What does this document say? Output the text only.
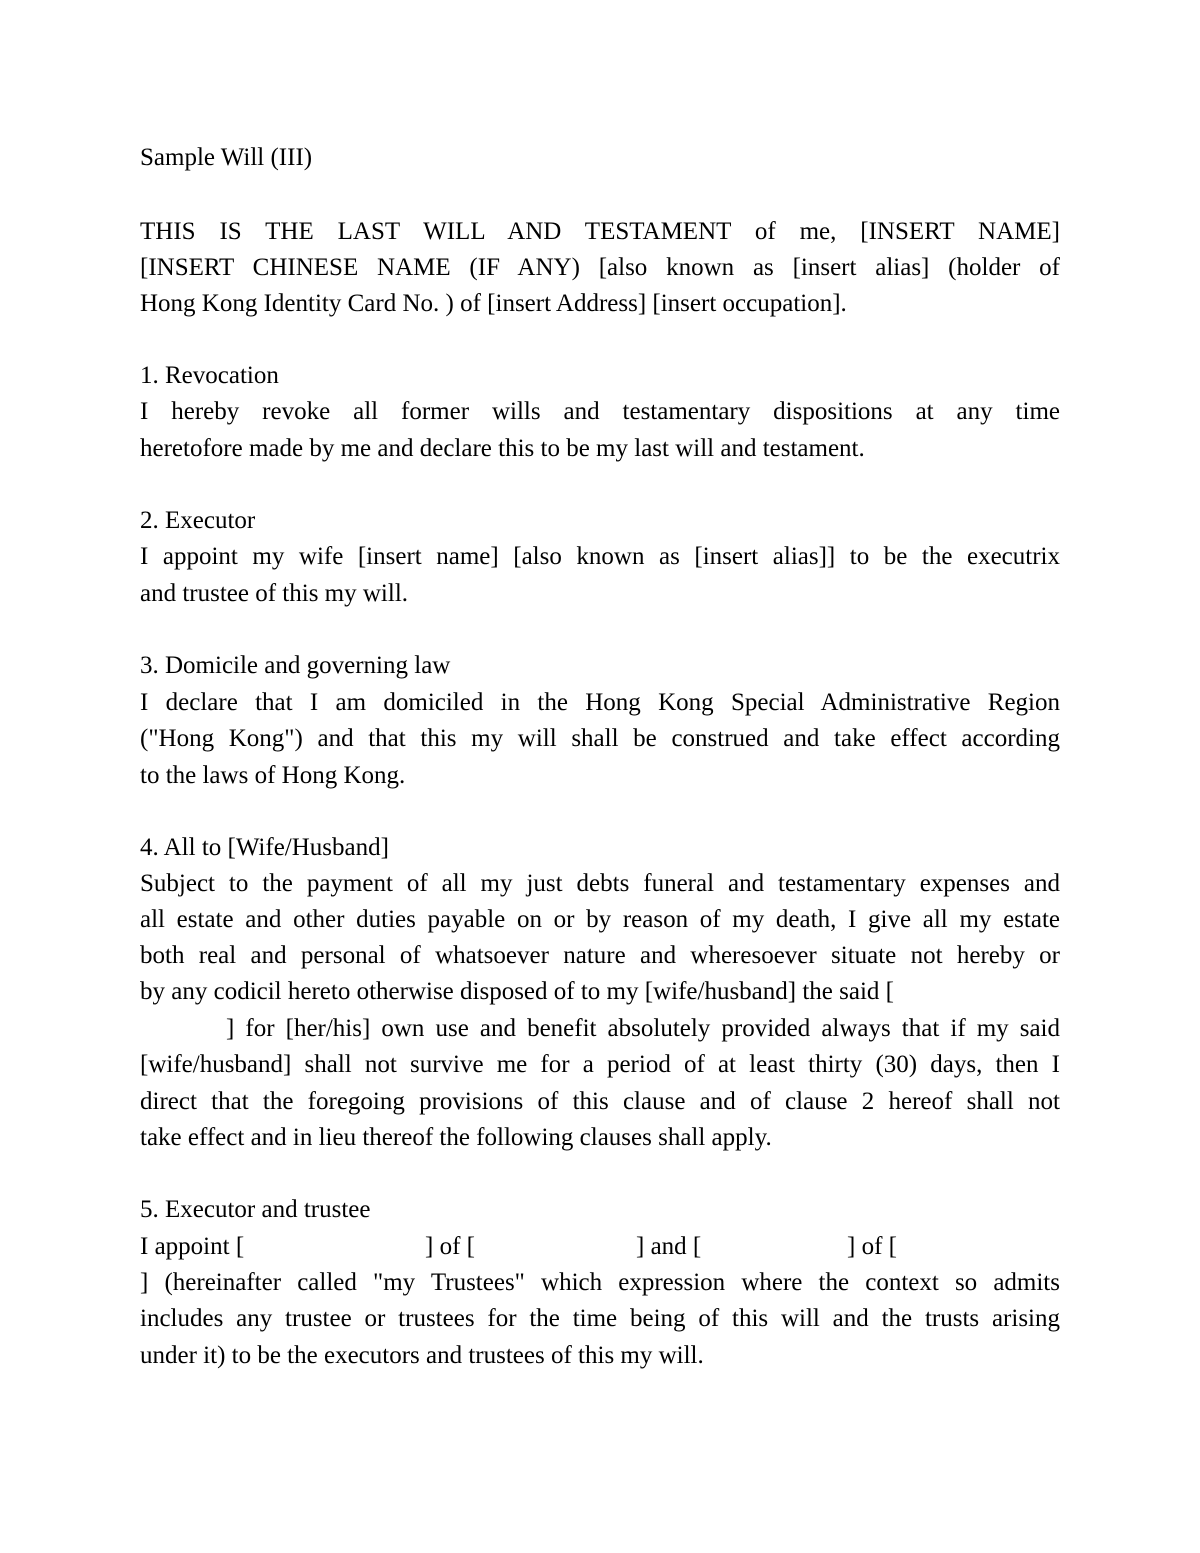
Sample Will (III)
THIS IS THE LAST WILL AND TESTAMENT of me, [INSERT NAME]
[INSERT CHINESE NAME (IF ANY) [also known as [insert alias] (holder of
Hong Kong Identity Card No. ) of [insert Address] [insert occupation].
1. Revocation
I hereby revoke all former wills and testamentary dispositions at any time
heretofore made by me and declare this to be my last will and testament.
2. Executor
I appoint my wife [insert name] [also known as [insert alias]] to be the executrix
and trustee of this my will.
3. Domicile and governing law
I declare that I am domiciled in the Hong Kong Special Administrative Region
("Hong Kong") and that this my will shall be construed and take effect according
to the laws of Hong Kong.
4. All to [Wife/Husband]
Subject to the payment of all my just debts funeral and testamentary expenses and
all estate and other duties payable on or by reason of my death, I give all my estate
both real and personal of whatsoever nature and wheresoever situate not hereby or
by any codicil hereto otherwise disposed of to my [wife/husband] the said [
] for [her/his] own use and benefit absolutely provided always that if my said
[wife/husband] shall not survive me for a period of at least thirty (30) days, then I
direct that the foregoing provisions of this clause and of clause 2 hereof shall not
take effect and in lieu thereof the following clauses shall apply.
5. Executor and trustee
I appoint [	] of [	] and [	] of [
] (hereinafter called "my Trustees" which expression where the context so admits
includes any trustee or trustees for the time being of this will and the trusts arising
under it) to be the executors and trustees of this my will.
